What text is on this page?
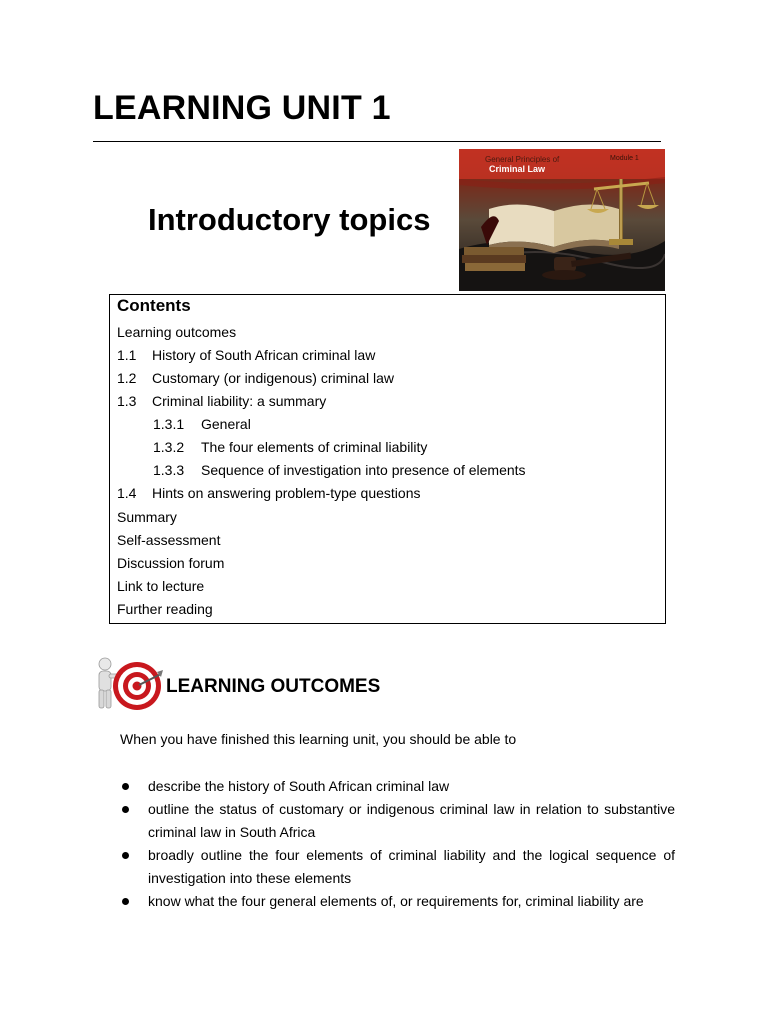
LEARNING UNIT 1
Introductory topics
General Principles of
Criminal Law
Module 1
Contents
Learning outcomes
1.1 History of South African criminal law
1.2 Customary (or indigenous) criminal law
1.3 Criminal liability: a summary
1.3.1 General
1.3.2 The four elements of criminal liability
1.3.3 Sequence of investigation into presence of elements
1.4 Hints on answering problem-type questions
Summary
Self-assessment
Discussion forum
Link to lecture
Further reading
LEARNING OUTCOMES
When you have finished this learning unit, you should be able to
describe the history of South African criminal law
outline the status of customary or indigenous criminal law in relation to substantive criminal law in South Africa
broadly outline the four elements of criminal liability and the logical sequence of investigation into these elements
know what the four general elements of, or requirements for, criminal liability are
